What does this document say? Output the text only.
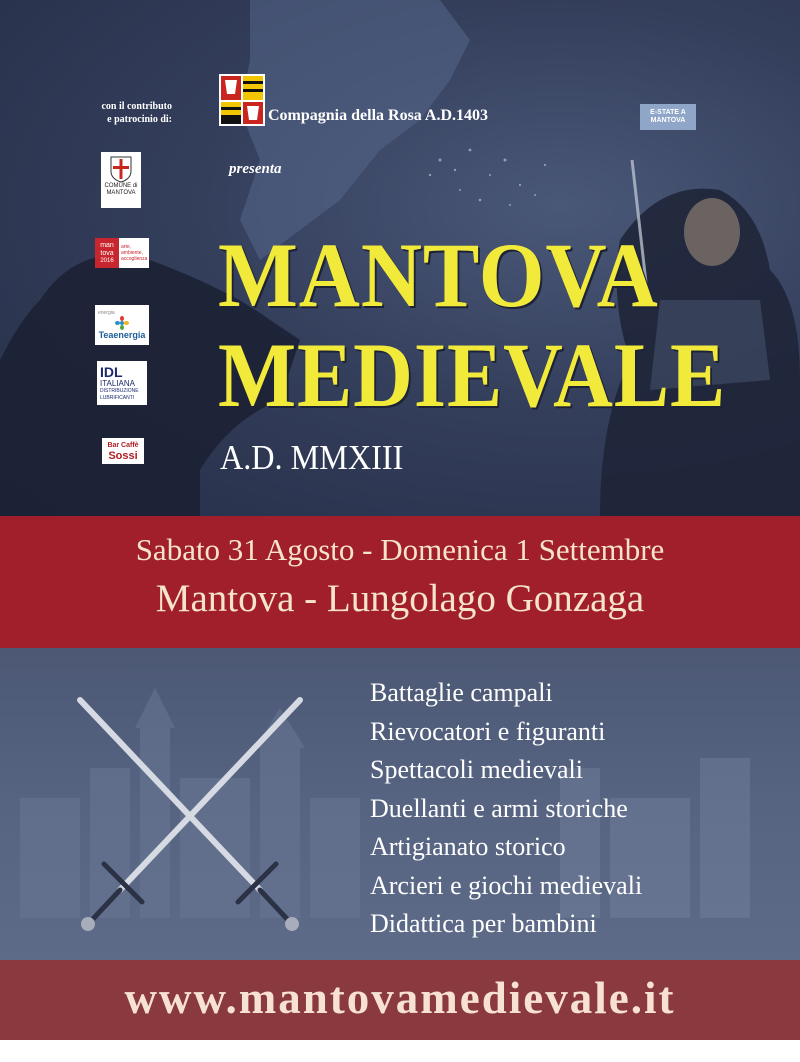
con il contributo
e patrocinio di:	Compagnia della Rosa A.D.1403
presenta
E-STATE A MANTOVA
COMUNE di MANTOVA
man tova
2016
arte, ambiente, accoglienza
energia
Teaenergia
IDL
ITALIANA
DISTRIBUZIONE
LUBRIFICANTI
Bar Caffè
Sossi
MANTOVA
MEDIEVALE
A.D. MMXIII
Sabato 31 Agosto - Domenica 1 Settembre
Mantova - Lungolago Gonzaga
Battaglie campali
Rievocatori e figuranti
Spettacoli medievali
Duellanti e armi storiche
Artigianato storico
Arcieri e giochi medievali
Didattica per bambini
www.mantovamedievale.it
